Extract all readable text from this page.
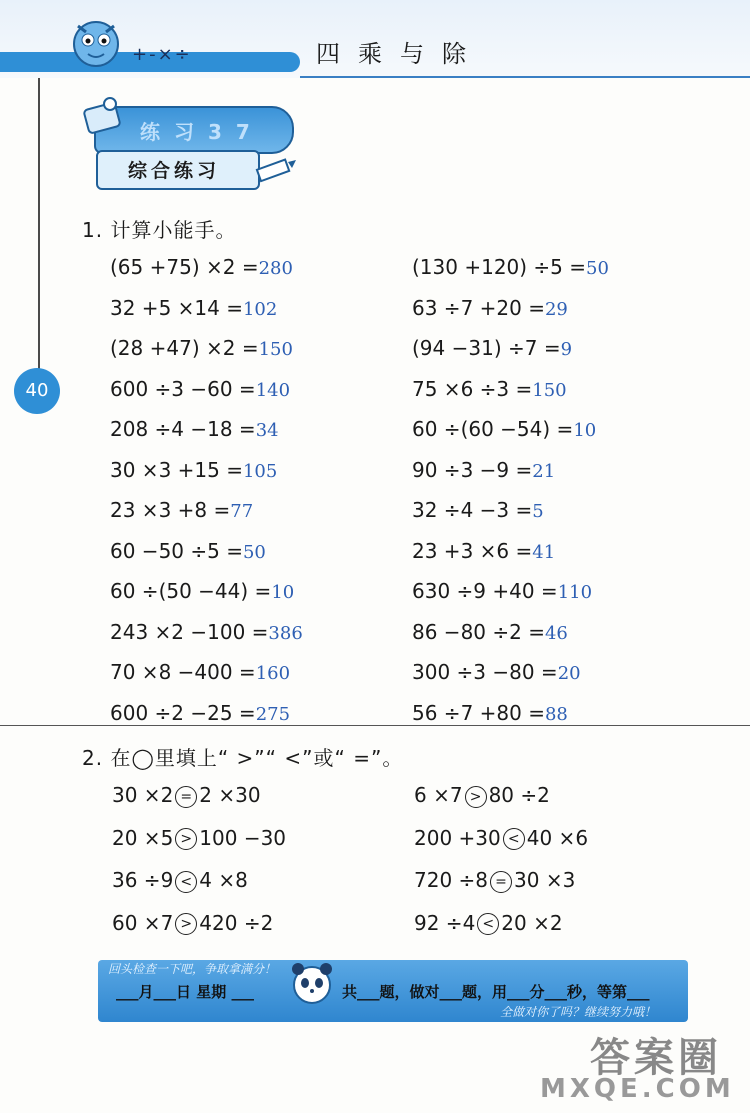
+-×÷	四乘与除
40
练习37
综合练习
1. 计算小能手。
(65 +75) ×2 =280
32 +5 ×14 =102
(28 +47) ×2 =150
600 ÷3 −60 =140
208 ÷4 −18 =34
30 ×3 +15 =105
23 ×3 +8 =77
60 −50 ÷5 =50
60 ÷(50 −44) =10
243 ×2 −100 =386
70 ×8 −400 =160
600 ÷2 −25 =275
(130 +120) ÷5 =50
63 ÷7 +20 =29
(94 −31) ÷7 =9
75 ×6 ÷3 =150
60 ÷(60 −54) =10
90 ÷3 −9 =21
32 ÷4 −3 =5
23 +3 ×6 =41
630 ÷9 +40 =110
86 −80 ÷2 =46
300 ÷3 −80 =20
56 ÷7 +80 =88
2. 在◯里填上“ >”“ <”或“ =”。
30 ×2 = 2 ×30
20 ×5 > 100 −30
36 ÷9 < 4 ×8
60 ×7 > 420 ÷2
6 ×7 > 80 ÷2
200 +30 < 40 ×6
720 ÷8 = 30 ×3
92 ÷4 < 20 ×2
回头检查一下吧，争取拿满分！
___月___日 星期 ___	共___题，做对___题，用___分___秒，等第___
全做对你了吗？继续努力哦！
答案圈
MXQE.COM
